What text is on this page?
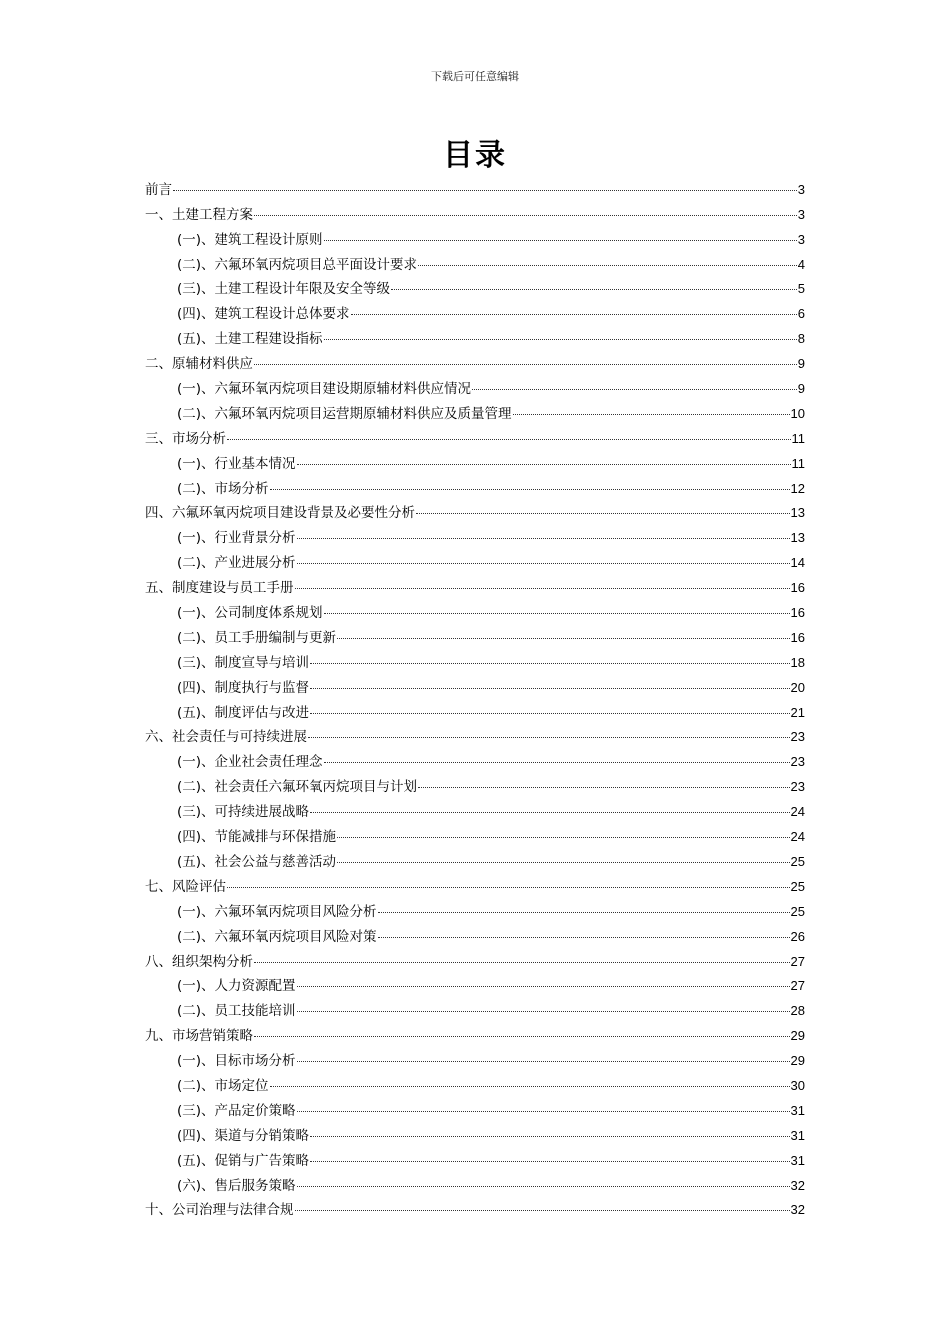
下载后可任意编辑
目录
前言	3
一、土建工程方案	3
(一)、建筑工程设计原则	3
(二)、六氟环氧丙烷项目总平面设计要求	4
(三)、土建工程设计年限及安全等级	5
(四)、建筑工程设计总体要求	6
(五)、土建工程建设指标	8
二、原辅材料供应	9
(一)、六氟环氧丙烷项目建设期原辅材料供应情况	9
(二)、六氟环氧丙烷项目运营期原辅材料供应及质量管理	10
三、市场分析	11
(一)、行业基本情况	11
(二)、市场分析	12
四、六氟环氧丙烷项目建设背景及必要性分析	13
(一)、行业背景分析	13
(二)、产业进展分析	14
五、制度建设与员工手册	16
(一)、公司制度体系规划	16
(二)、员工手册编制与更新	16
(三)、制度宣导与培训	18
(四)、制度执行与监督	20
(五)、制度评估与改进	21
六、社会责任与可持续进展	23
(一)、企业社会责任理念	23
(二)、社会责任六氟环氧丙烷项目与计划	23
(三)、可持续进展战略	24
(四)、节能减排与环保措施	24
(五)、社会公益与慈善活动	25
七、风险评估	25
(一)、六氟环氧丙烷项目风险分析	25
(二)、六氟环氧丙烷项目风险对策	26
八、组织架构分析	27
(一)、人力资源配置	27
(二)、员工技能培训	28
九、市场营销策略	29
(一)、目标市场分析	29
(二)、市场定位	30
(三)、产品定价策略	31
(四)、渠道与分销策略	31
(五)、促销与广告策略	31
(六)、售后服务策略	32
十、公司治理与法律合规	32
